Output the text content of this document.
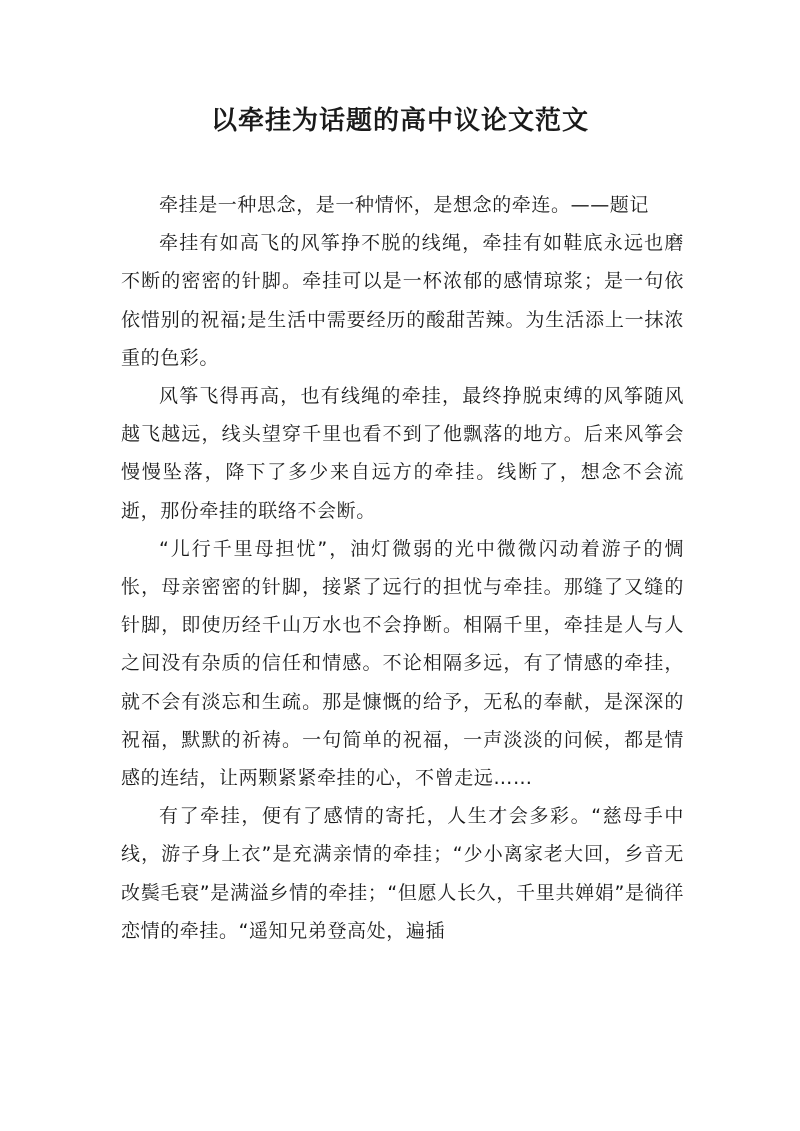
以牵挂为话题的高中议论文范文

牵挂是一种思念，是一种情怀，是想念的牵连。——题记

牵挂有如高飞的风筝挣不脱的线绳，牵挂有如鞋底永远也磨不断的密密的针脚。牵挂可以是一杯浓郁的感情琼浆；是一句依依惜别的祝福;是生活中需要经历的酸甜苦辣。为生活添上一抹浓重的色彩。

风筝飞得再高，也有线绳的牵挂，最终挣脱束缚的风筝随风越飞越远，线头望穿千里也看不到了他飘落的地方。后来风筝会慢慢坠落，降下了多少来自远方的牵挂。线断了，想念不会流逝，那份牵挂的联络不会断。

“儿行千里母担忧”，油灯微弱的光中微微闪动着游子的惆怅，母亲密密的针脚，接紧了远行的担忧与牵挂。那缝了又缝的针脚，即使历经千山万水也不会挣断。相隔千里，牵挂是人与人之间没有杂质的信任和情感。不论相隔多远，有了情感的牵挂，就不会有淡忘和生疏。那是慷慨的给予，无私的奉献，是深深的祝福，默默的祈祷。一句简单的祝福，一声淡淡的问候，都是情感的连结，让两颗紧紧牵挂的心，不曾走远……

有了牵挂，便有了感情的寄托，人生才会多彩。“慈母手中线，游子身上衣”是充满亲情的牵挂；“少小离家老大回，乡音无改鬓毛衰”是满溢乡情的牵挂；“但愿人长久，千里共婵娟”是徜徉恋情的牵挂。“遥知兄弟登高处，遍插
